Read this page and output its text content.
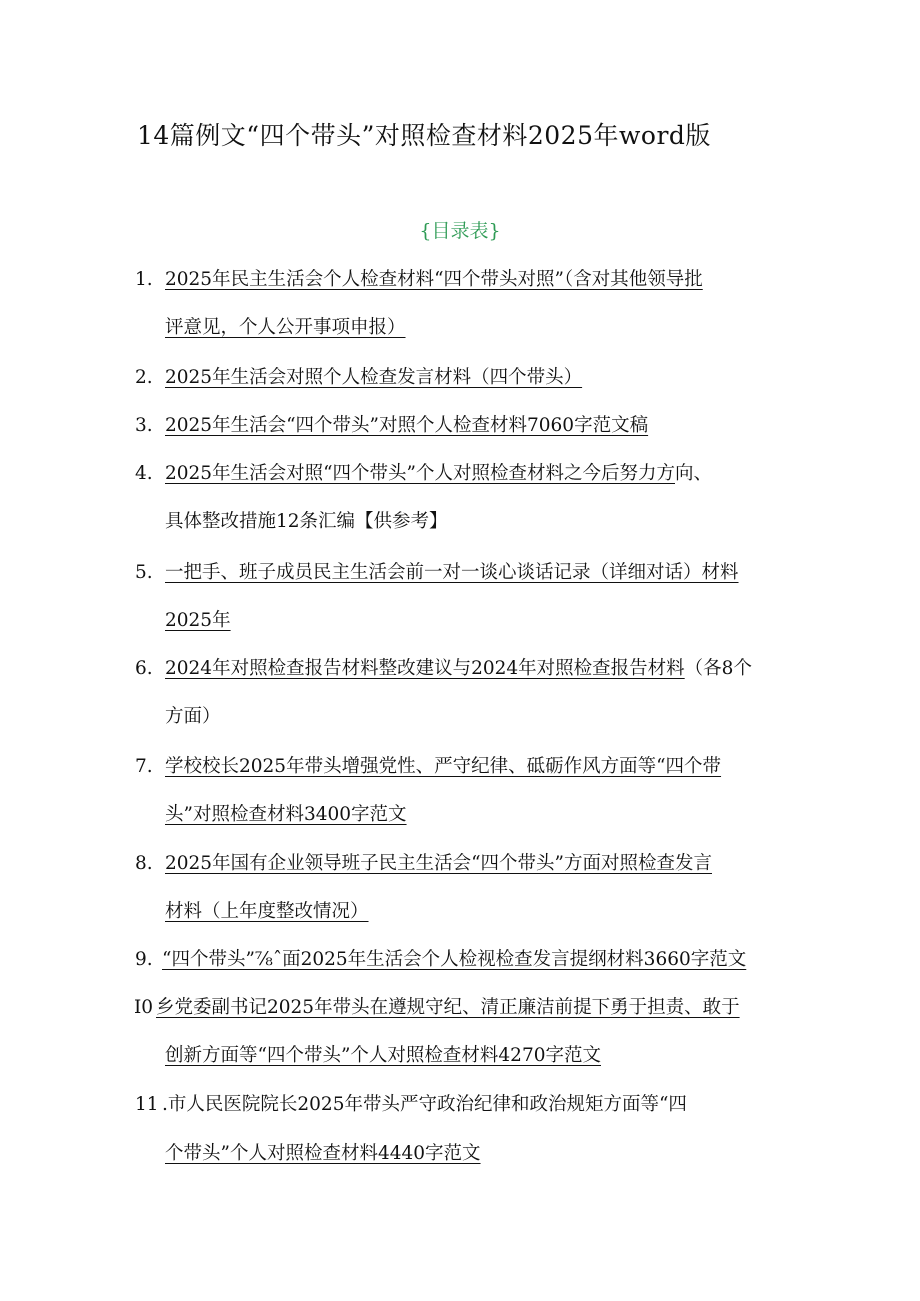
14篇例文“四个带头”对照检查材料2025年word版
{目录表}
1. 2025年民主生活会个人检查材料“四个带头对照”（含对其他领导批
评意见，个人公开事项申报）
2. 2025年生活会对照个人检查发言材料（四个带头）
3. 2025年生活会“四个带头”对照个人检查材料7060字范文稿
4. 2025年生活会对照“四个带头”个人对照检查材料之今后努力方向、
具体整改措施12条汇编【供参考】
5. 一把手、班子成员民主生活会前一对一谈心谈话记录（详细对话）材料
2025年
6. 2024年对照检查报告材料整改建议与2024年对照检查报告材料（各8个
方面）
7. 学校校长2025年带头增强党性、严守纪律、砥砺作风方面等“四个带
头”对照检查材料3400字范文
8. 2025年国有企业领导班子民主生活会“四个带头”方面对照检查发言
材料（上年度整改情况）
9. “四个带头”⅞ˆ面2025年生活会个人检视检查发言提纲材料3660字范文
I0 乡党委副书记2025年带头在遵规守纪、清正廉洁前提下勇于担责、敢于
创新方面等“四个带头”个人对照检查材料4270字范文
11 .市人民医院院长2025年带头严守政治纪律和政治规矩方面等“四
个带头”个人对照检查材料4440字范文
